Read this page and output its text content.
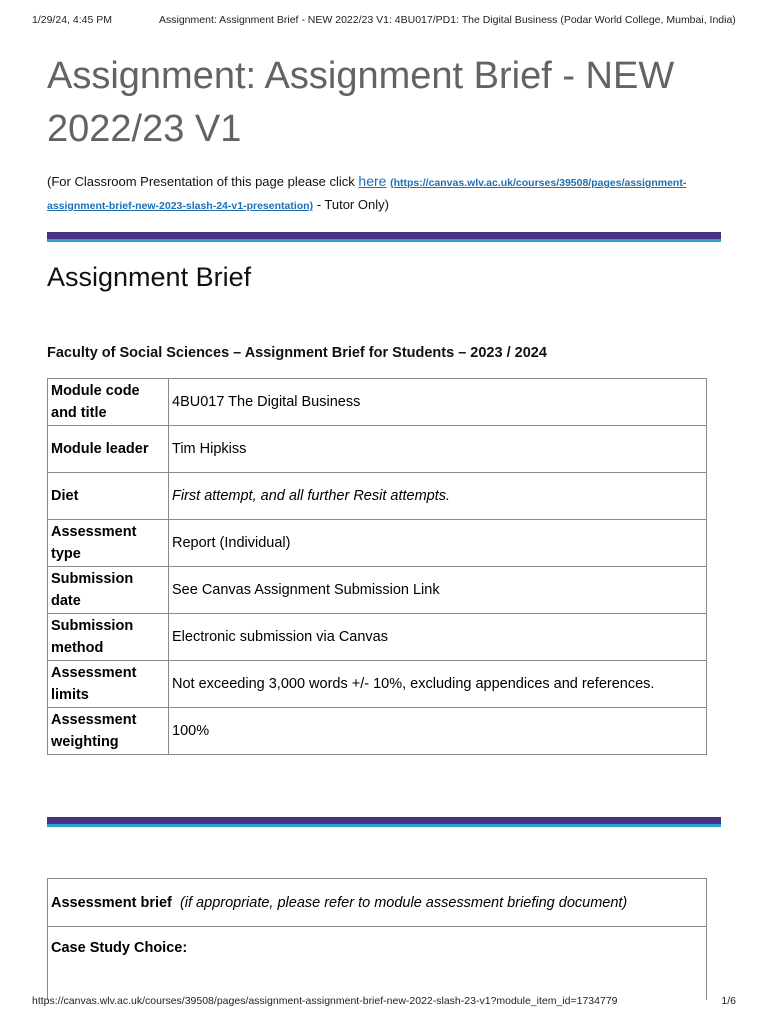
1/29/24, 4:45 PM	Assignment: Assignment Brief - NEW 2022/23 V1: 4BU017/PD1: The Digital Business (Podar World College, Mumbai, India)
Assignment: Assignment Brief - NEW
2022/23 V1
(For Classroom Presentation of this page please click here (https://canvas.wlv.ac.uk/courses/39508/pages/assignment-assignment-brief-new-2023-slash-24-v1-presentation) - Tutor Only)
Assignment Brief

Faculty of Social Sciences – Assignment Brief for Students – 2023 / 2024

Module code and title	4BU017 The Digital Business
Module leader	Tim Hipkiss
Diet	First attempt, and all further Resit attempts.
Assessment type	Report (Individual)
Submission date	See Canvas Assignment Submission Link
Submission method	Electronic submission via Canvas
Assessment limits	Not exceeding 3,000 words +/- 10%, excluding appendices and references.
Assessment weighting	100%
Assessment brief (if appropriate, please refer to module assessment briefing document)
Case Study Choice:
https://canvas.wlv.ac.uk/courses/39508/pages/assignment-assignment-brief-new-2022-slash-23-v1?module_item_id=1734779	1/6
